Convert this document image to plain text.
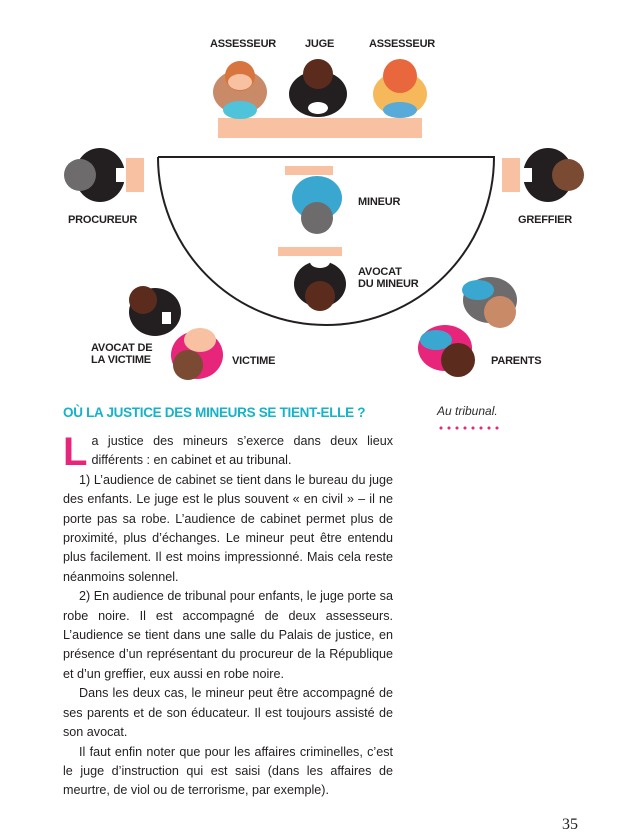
ASSESSEUR	JUGE	ASSESSEUR
PROCUREUR	GREFFIER
MINEUR
AVOCAT
DU MINEUR
AVOCAT DE
LA VICTIME	VICTIME	PARENTS
OÙ LA JUSTICE DES MINEURS SE TIENT-ELLE ?	Au tribunal.

La justice des mineurs s’exerce dans deux lieux différents : en cabinet et au tribunal.

1) L’audience de cabinet se tient dans le bureau du juge des enfants. Le juge est le plus souvent « en civil » – il ne porte pas sa robe. L’audience de cabinet permet plus de proximité, plus d’échanges. Le mineur peut être entendu plus facilement. Il est moins impressionné. Mais cela reste néanmoins solennel.

2) En audience de tribunal pour enfants, le juge porte sa robe noire. Il est accompagné de deux assesseurs. L’audience se tient dans une salle du Palais de justice, en présence d’un représentant du procureur de la République et d’un greffier, eux aussi en robe noire.

Dans les deux cas, le mineur peut être accompagné de ses parents et de son éducateur. Il est toujours assisté de son avocat.

Il faut enfin noter que pour les affaires criminelles, c’est le juge d’instruction qui est saisi (dans les affaires de meurtre, de viol ou de terrorisme, par exemple).

35
